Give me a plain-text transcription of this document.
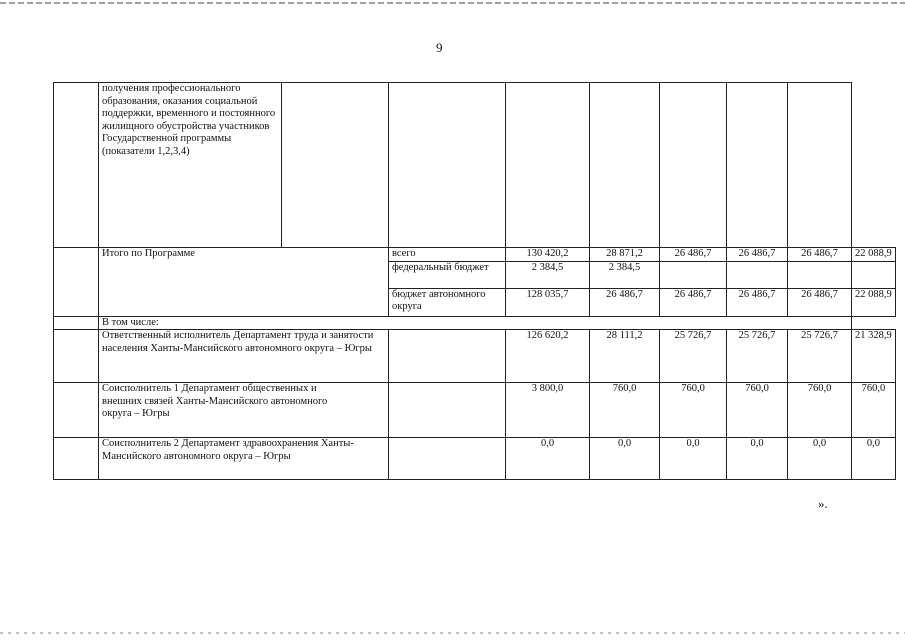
9
	получения профессионального образования, оказания социальной поддержки, временного и постоянного жилищного обустройства участников Государственной программы (показатели 1,2,3,4)								
	Итого по Программе		всего	130 420,2	28 871,2	26 486,7	26 486,7	26 486,7	22 088,9
			федеральный бюджет	2 384,5	2 384,5				
			бюджет автономного округа	128 035,7	26 486,7	26 486,7	26 486,7	26 486,7	22 088,9
	В том числе:								
	Ответственный исполнитель Департамент труда и занятости населения Ханты-Мансийского автономного округа – Югры			126 620,2	28 111,2	25 726,7	25 726,7	25 726,7	21 328,9
	Соисполнитель 1 Департамент общественных и внешних связей Ханты-Мансийского автономного округа – Югры			3 800,0	760,0	760,0	760,0	760,0	760,0
	Соисполнитель 2 Департамент здравоохранения Ханты-Мансийского автономного округа – Югры			0,0	0,0	0,0	0,0	0,0	0,0
».
